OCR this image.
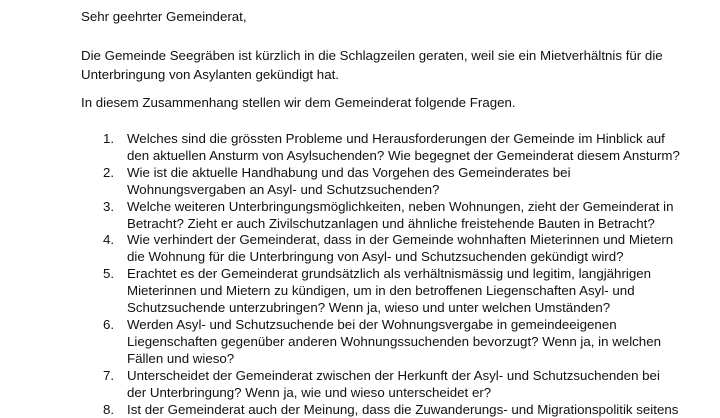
Sehr geehrter Gemeinderat,

Die Gemeinde Seegräben ist kürzlich in die Schlagzeilen geraten, weil sie ein Mietverhältnis für die
Unterbringung von Asylanten gekündigt hat.

In diesem Zusammenhang stellen wir dem Gemeinderat folgende Fragen.

1. Welches sind die grössten Probleme und Herausforderungen der Gemeinde im Hinblick auf
den aktuellen Ansturm von Asylsuchenden? Wie begegnet der Gemeinderat diesem Ansturm?
2. Wie ist die aktuelle Handhabung und das Vorgehen des Gemeinderates bei
Wohnungsvergaben an Asyl- und Schutzsuchenden?
3. Welche weiteren Unterbringungsmöglichkeiten, neben Wohnungen, zieht der Gemeinderat in
Betracht? Zieht er auch Zivilschutzanlagen und ähnliche freistehende Bauten in Betracht?
4. Wie verhindert der Gemeinderat, dass in der Gemeinde wohnhaften Mieterinnen und Mietern
die Wohnung für die Unterbringung von Asyl- und Schutzsuchenden gekündigt wird?
5. Erachtet es der Gemeinderat grundsätzlich als verhältnismässig und legitim, langjährigen
Mieterinnen und Mietern zu kündigen, um in den betroffenen Liegenschaften Asyl- und
Schutzsuchende unterzubringen? Wenn ja, wieso und unter welchen Umständen?
6. Werden Asyl- und Schutzsuchende bei der Wohnungsvergabe in gemeindeeigenen
Liegenschaften gegenüber anderen Wohnungssuchenden bevorzugt? Wenn ja, in welchen
Fällen und wieso?
7. Unterscheidet der Gemeinderat zwischen der Herkunft der Asyl- und Schutzsuchenden bei
der Unterbringung? Wenn ja, wie und wieso unterscheidet er?
8. Ist der Gemeinderat auch der Meinung, dass die Zuwanderungs- und Migrationspolitik seitens
